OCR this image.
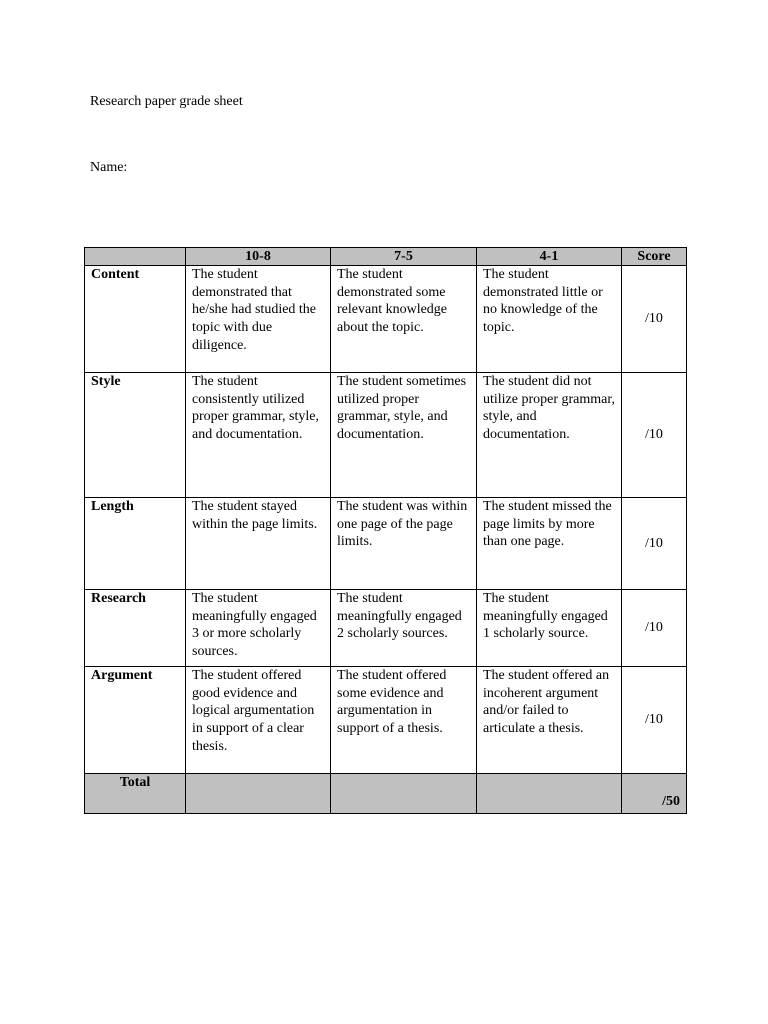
Research paper grade sheet
Name:
	10-8	7-5	4-1	Score
Content	The student demonstrated that he/she had studied the topic with due diligence.	The student demonstrated some relevant knowledge about the topic.	The student demonstrated little or no knowledge of the topic.	/10
Style	The student consistently utilized proper grammar, style, and documentation.	The student sometimes utilized proper grammar, style, and documentation.	The student did not utilize proper grammar, style, and documentation.	/10
Length	The student stayed within the page limits.	The student was within one page of the page limits.	The student missed the page limits by more than one page.	/10
Research	The student meaningfully engaged 3 or more scholarly sources.	The student meaningfully engaged 2 scholarly sources.	The student meaningfully engaged 1 scholarly source.	/10
Argument	The student offered good evidence and logical argumentation in support of a clear thesis.	The student offered some evidence and argumentation in support of a thesis.	The student offered an incoherent argument and/or failed to articulate a thesis.	/10
Total				/50
